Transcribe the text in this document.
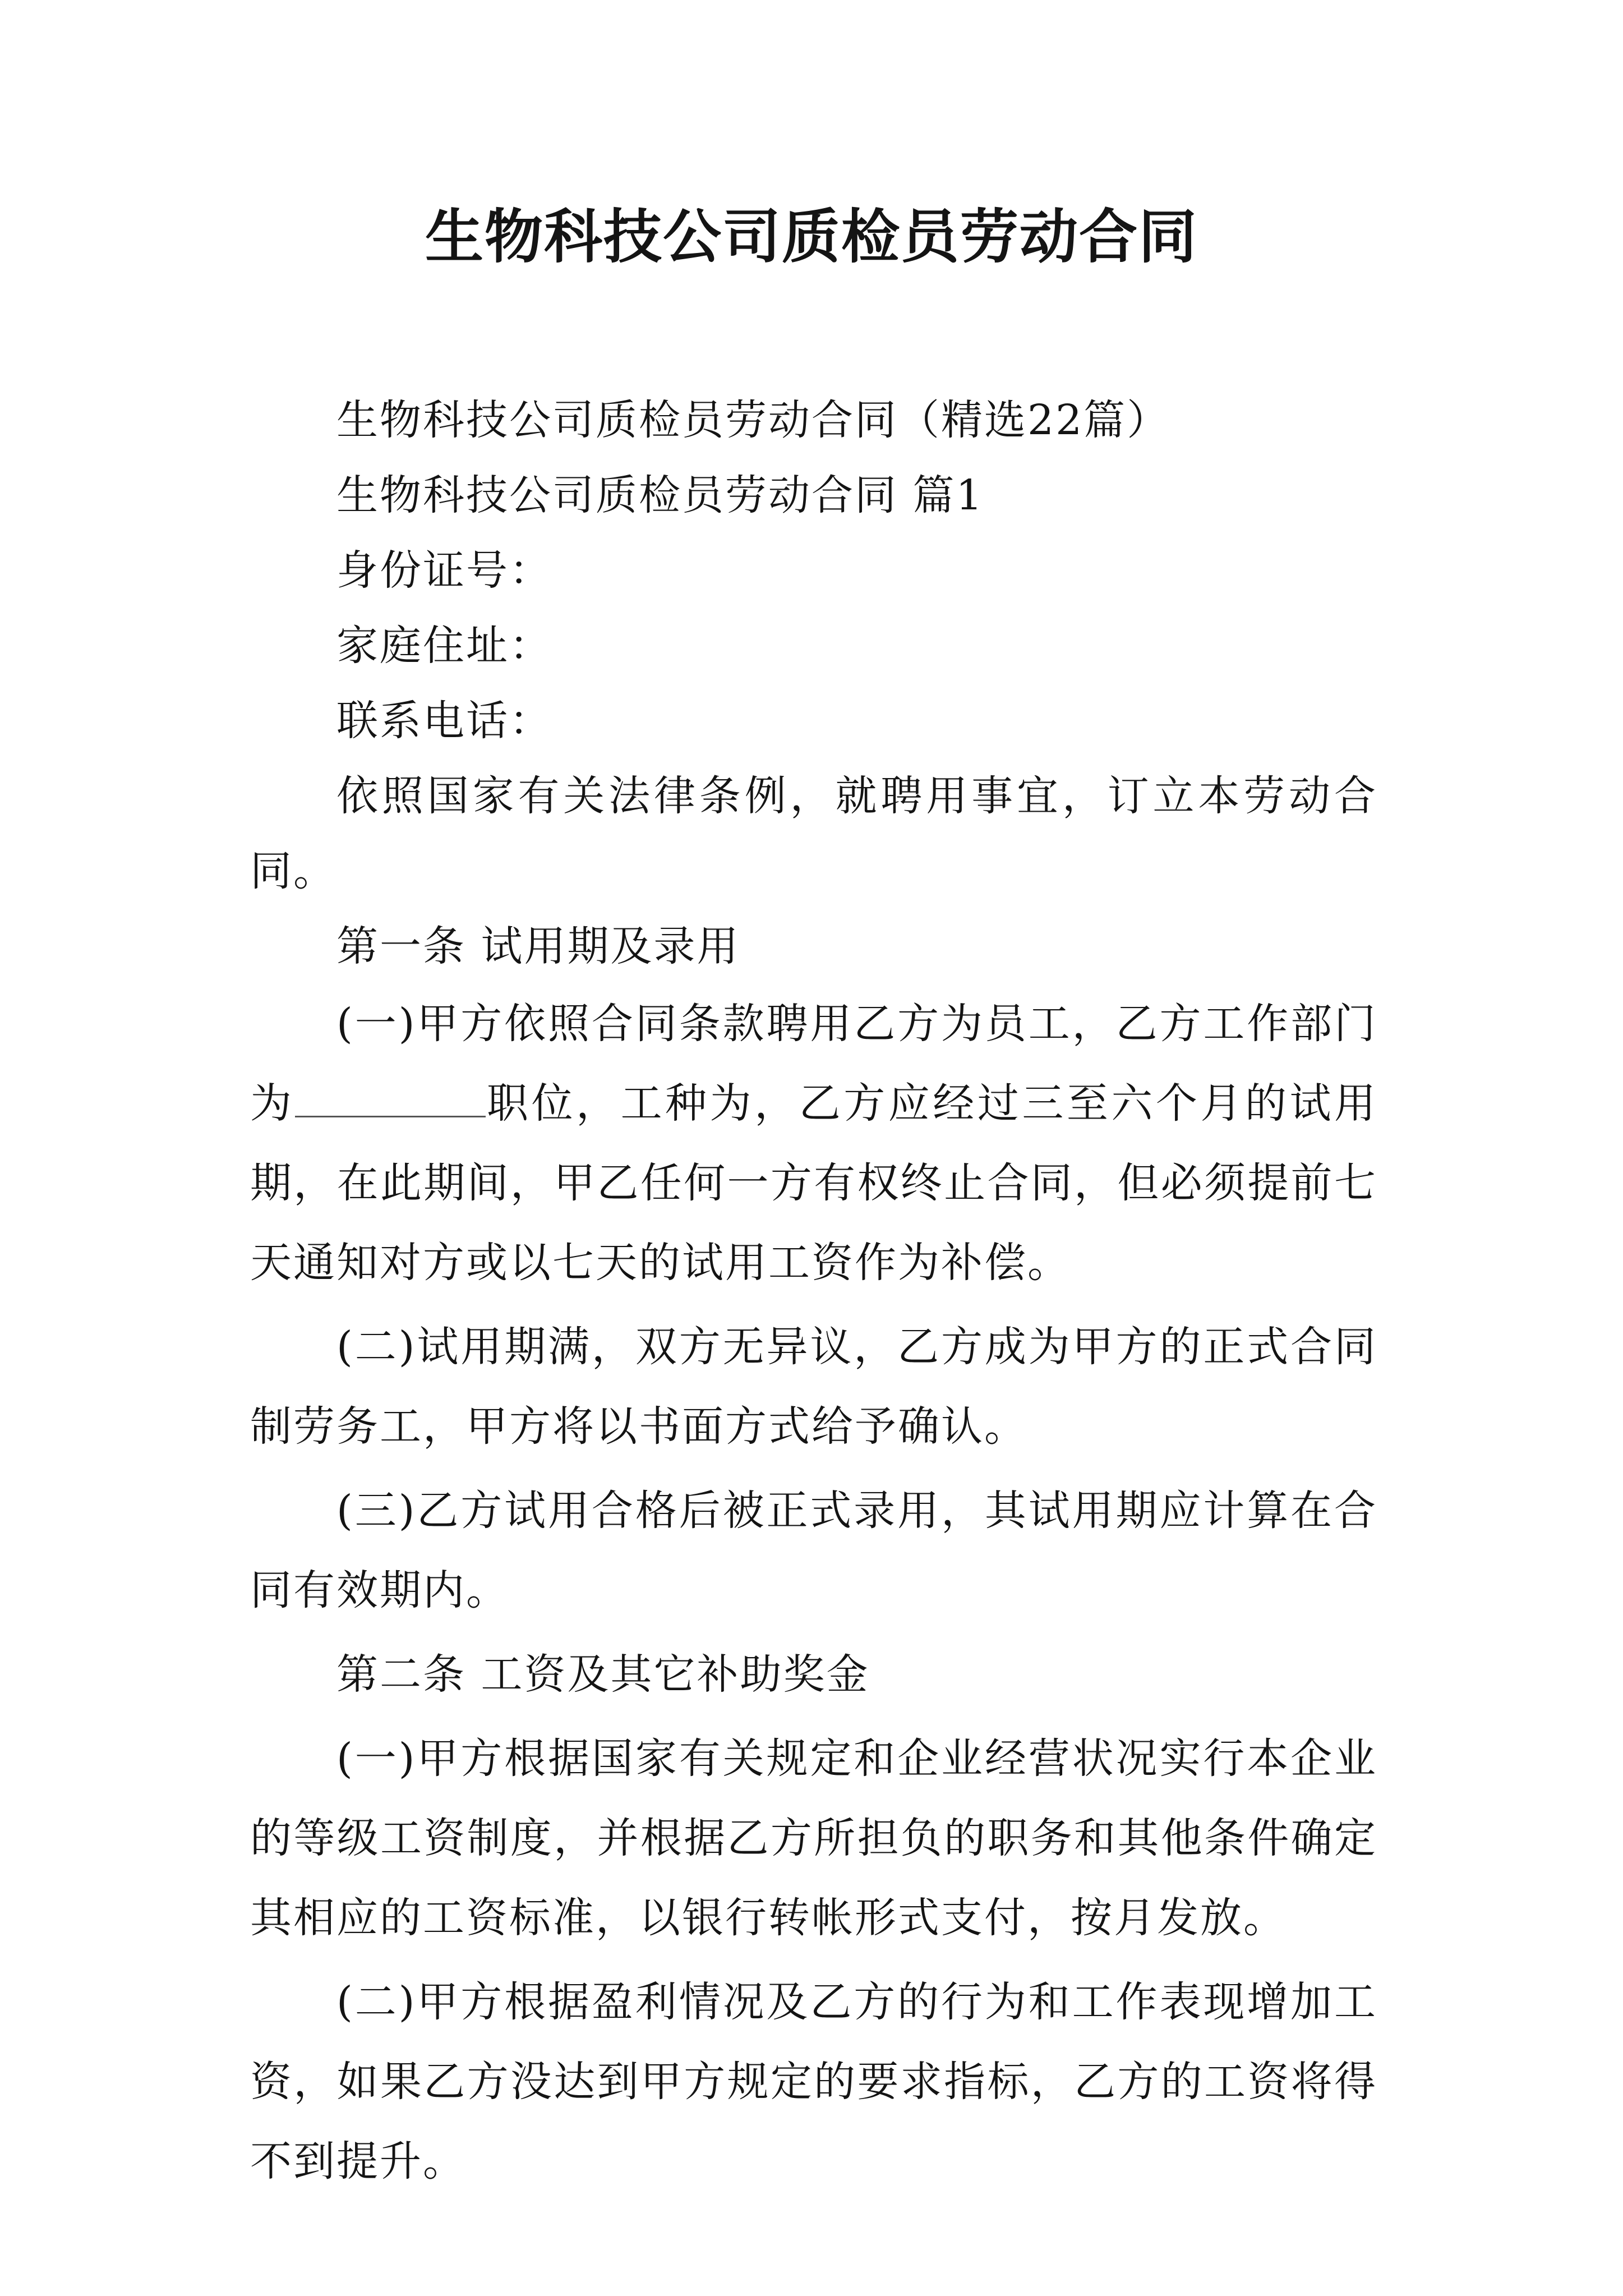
生物科技公司质检员劳动合同

生物科技公司质检员劳动合同（精选22篇）

生物科技公司质检员劳动合同 篇1

身份证号：

家庭住址：

联系电话：

依照国家有关法律条例，就聘用事宜，订立本劳动合同。

第一条 试用期及录用

(一)甲方依照合同条款聘用乙方为员工，乙方工作部门为	职位，工种为，乙方应经过三至六个月的试用期，在此期间，甲乙任何一方有权终止合同，但必须提前七天通知对方或以七天的试用工资作为补偿。

(二)试用期满，双方无异议，乙方成为甲方的正式合同制劳务工，甲方将以书面方式给予确认。

(三)乙方试用合格后被正式录用，其试用期应计算在合同有效期内。

第二条 工资及其它补助奖金

(一)甲方根据国家有关规定和企业经营状况实行本企业的等级工资制度，并根据乙方所担负的职务和其他条件确定其相应的工资标准，以银行转帐形式支付，按月发放。

(二)甲方根据盈利情况及乙方的行为和工作表现增加工资，如果乙方没达到甲方规定的要求指标，乙方的工资将得不到提升。
